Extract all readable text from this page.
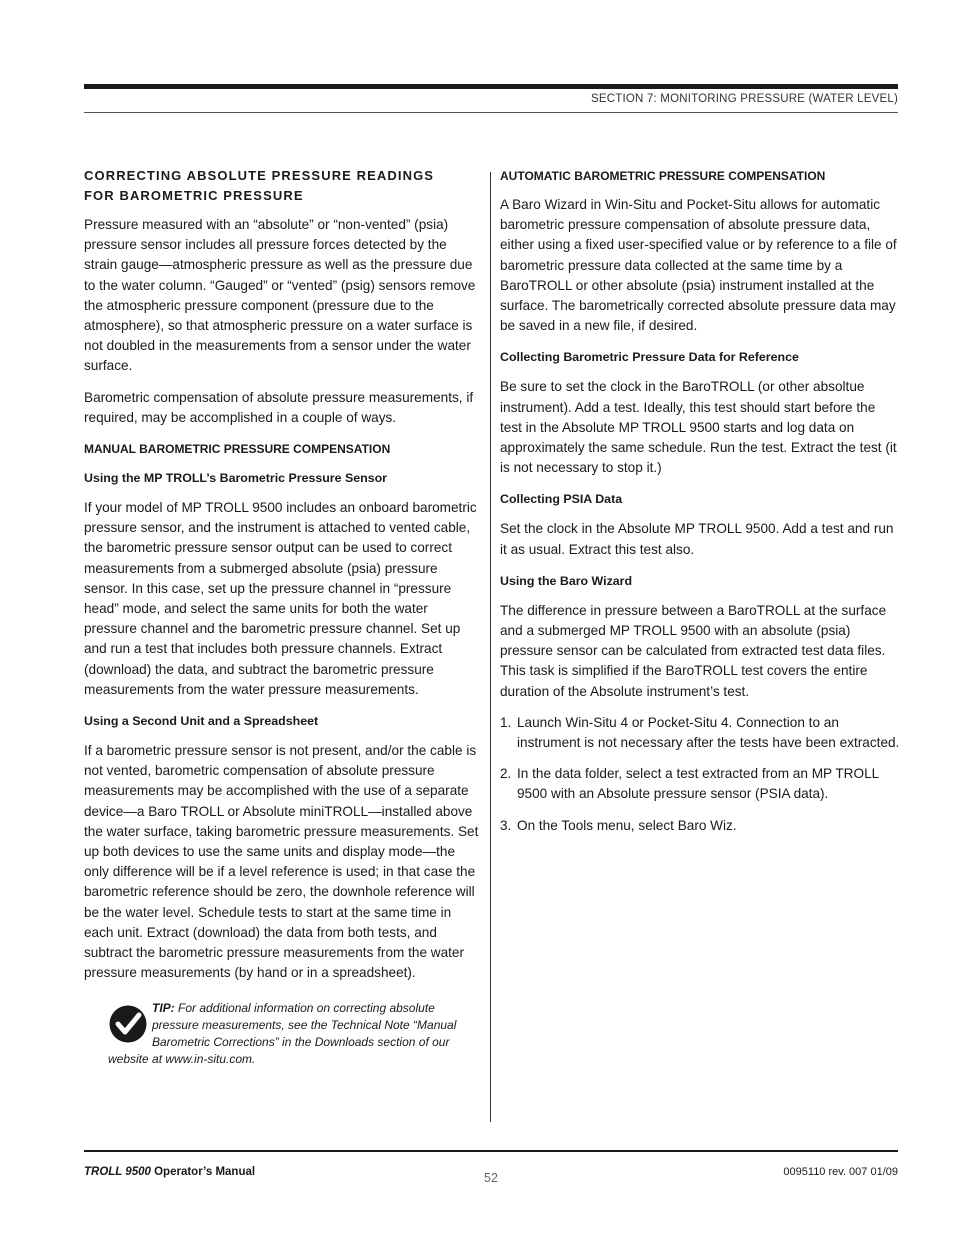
SECTION 7: MONITORING PRESSURE (WATER LEVEL)
CORRECTING ABSOLUTE PRESSURE READINGS
FOR BAROMETRIC PRESSURE

Pressure measured with an “absolute” or “non-vented” (psia) pressure sensor includes all pressure forces detected by the strain gauge—atmospheric pressure as well as the pressure due to the water column. “Gauged” or “vented” (psig) sensors remove the atmospheric pressure component (pressure due to the atmosphere), so that atmospheric pressure on a water surface is not doubled in the measurements from a sensor under the water surface.

Barometric compensation of absolute pressure measurements, if required, may be accomplished in a couple of ways.

MANUAL BAROMETRIC PRESSURE COMPENSATION
Using the MP TROLL’s Barometric Pressure Sensor

If your model of MP TROLL 9500 includes an onboard barometric pressure sensor, and the instrument is attached to vented cable, the barometric pressure sensor output can be used to correct measurements from a submerged absolute (psia) pressure sensor. In this case, set up the pressure channel in “pressure head” mode, and select the same units for both the water pressure channel and the barometric pressure channel. Set up and run a test that includes both pressure channels. Extract (download) the data, and subtract the barometric pressure measurements from the water pressure measurements.

Using a Second Unit and a Spreadsheet

If a barometric pressure sensor is not present, and/or the cable is not vented, barometric compensation of absolute pressure measurements may be accomplished with the use of a separate device—a Baro TROLL or Absolute miniTROLL—installed above the water surface, taking barometric pressure measurements. Set up both devices to use the same units and display mode—the only difference will be if a level reference is used; in that case the barometric reference should be zero, the downhole reference will be the water level. Schedule tests to start at the same time in each unit. Extract (download) the data from both tests, and subtract the barometric pressure measurements from the water pressure measurements (by hand or in a spreadsheet).

TIP: For additional information on correcting absolute pressure measurements, see the Technical Note “Manual Barometric Corrections” in the Downloads section of our website at www.in-situ.com.
AUTOMATIC BAROMETRIC PRESSURE COMPENSATION

A Baro Wizard in Win-Situ and Pocket-Situ allows for automatic barometric pressure compensation of absolute pressure data, either using a fixed user-specified value or by reference to a file of barometric pressure data collected at the same time by a BaroTROLL or other absolute (psia) instrument installed at the surface. The barometrically corrected absolute pressure data may be saved in a new file, if desired.

Collecting Barometric Pressure Data for Reference

Be sure to set the clock in the BaroTROLL (or other absoltue instrument). Add a test. Ideally, this test should start before the test in the Absolute MP TROLL 9500 starts and log data on approximately the same schedule. Run the test. Extract the test (it is not necessary to stop it.)

Collecting PSIA Data

Set the clock in the Absolute MP TROLL 9500. Add a test and run it as usual. Extract this test also.

Using the Baro Wizard

The difference in pressure between a BaroTROLL at the surface and a submerged MP TROLL 9500 with an absolute (psia) pressure sensor can be calculated from extracted test data files. This task is simplified if the BaroTROLL test covers the entire duration of the Absolute instrument’s test.

1. Launch Win-Situ 4 or Pocket-Situ 4. Connection to an instrument is not necessary after the tests have been extracted.
2. In the data folder, select a test extracted from an MP TROLL 9500 with an Absolute pressure sensor (PSIA data).
3. On the Tools menu, select Baro Wiz.
TROLL 9500 Operator’s Manual	52	0095110 rev. 007 01/09
